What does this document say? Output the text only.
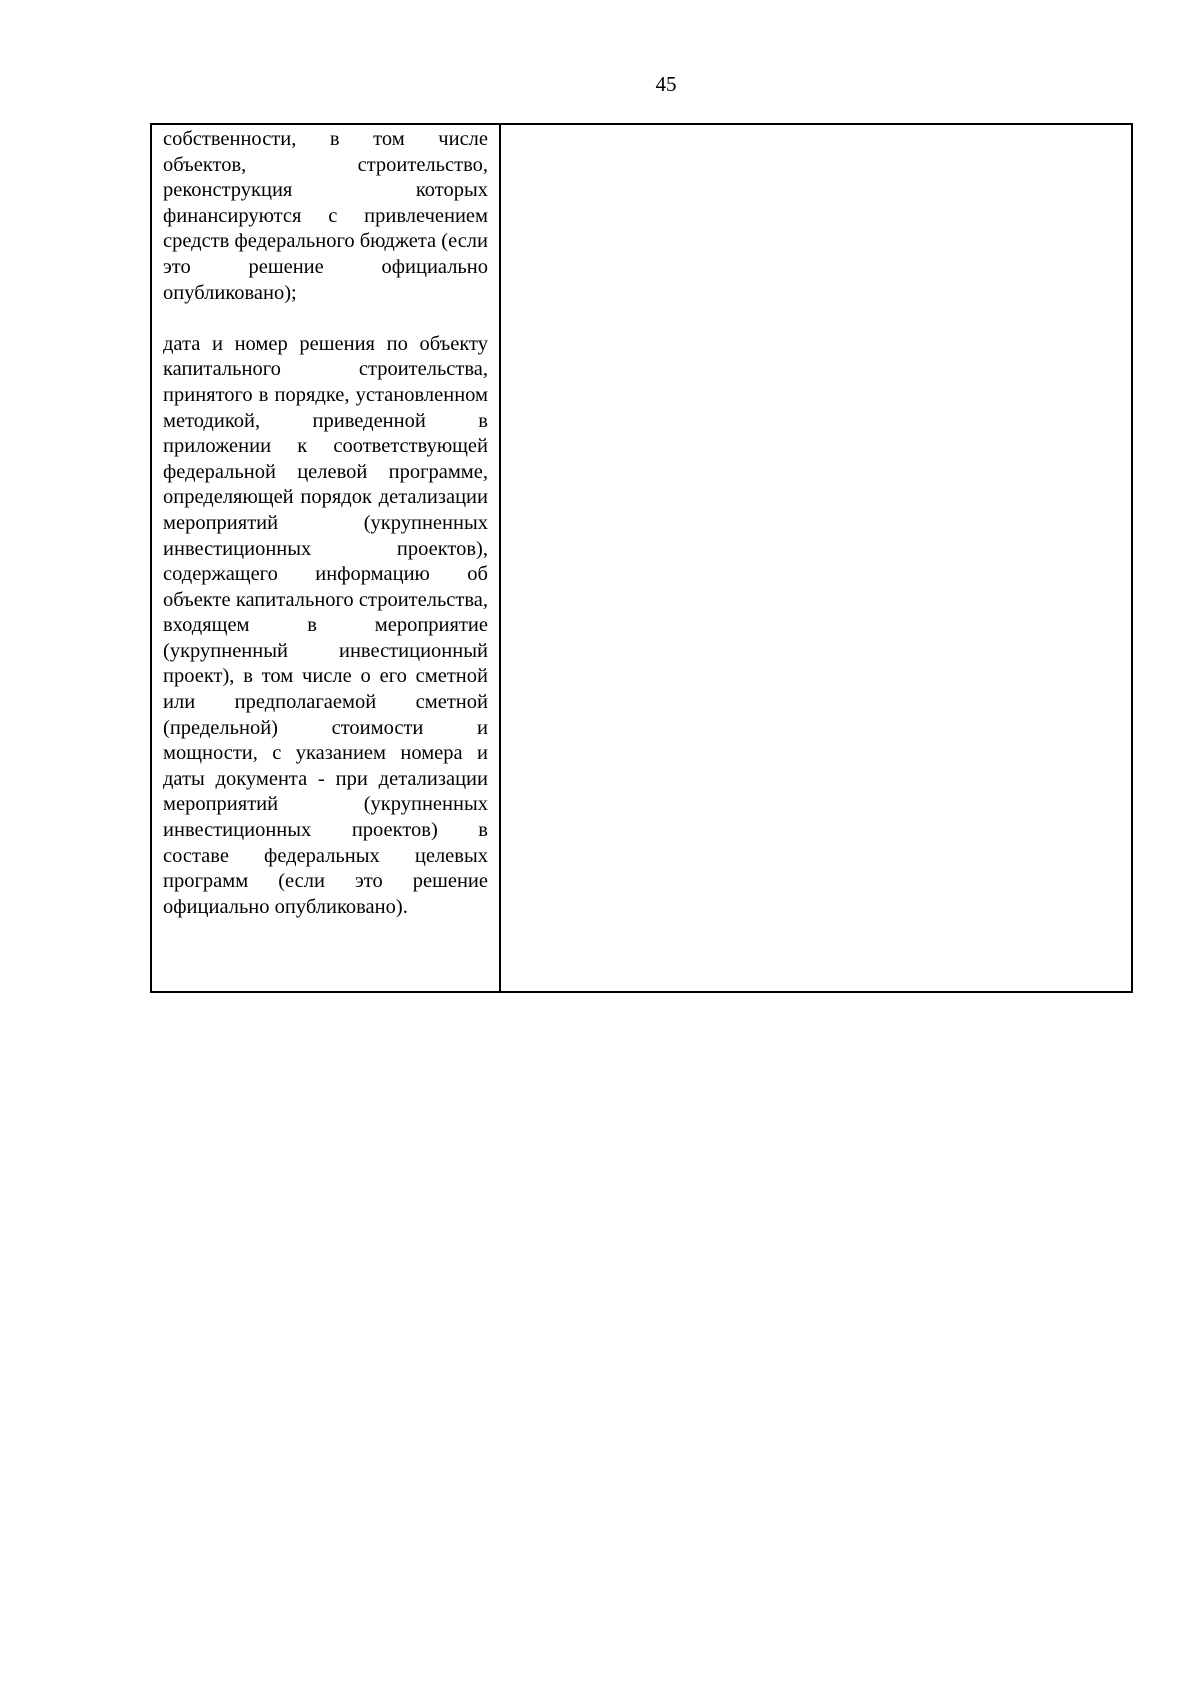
45

собственности, в том числе объектов, строительство, реконструкция которых финансируются с привлечением средств федерального бюджета (если это решение официально опубликовано);

дата и номер решения по объекту капитального строительства, принятого в порядке, установленном методикой, приведенной в приложении к соответствующей федеральной целевой программе, определяющей порядок детализации мероприятий (укрупненных инвестиционных проектов), содержащего информацию об объекте капитального строительства, входящем в мероприятие (укрупненный инвестиционный проект), в том числе о его сметной или предполагаемой сметной (предельной) стоимости и мощности, с указанием номера и даты документа - при детализации мероприятий (укрупненных инвестиционных проектов) в составе федеральных целевых программ (если это решение официально опубликовано).
